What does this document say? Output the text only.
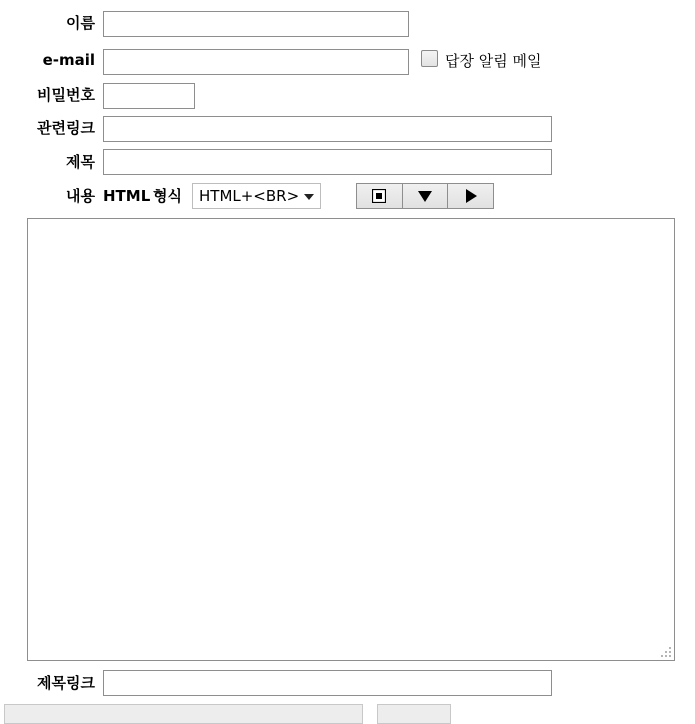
이름
e-mail	답장 알림 메일
비밀번호
관련링크
제목
내용 HTML 형식	HTML+<BR>
제목링크
